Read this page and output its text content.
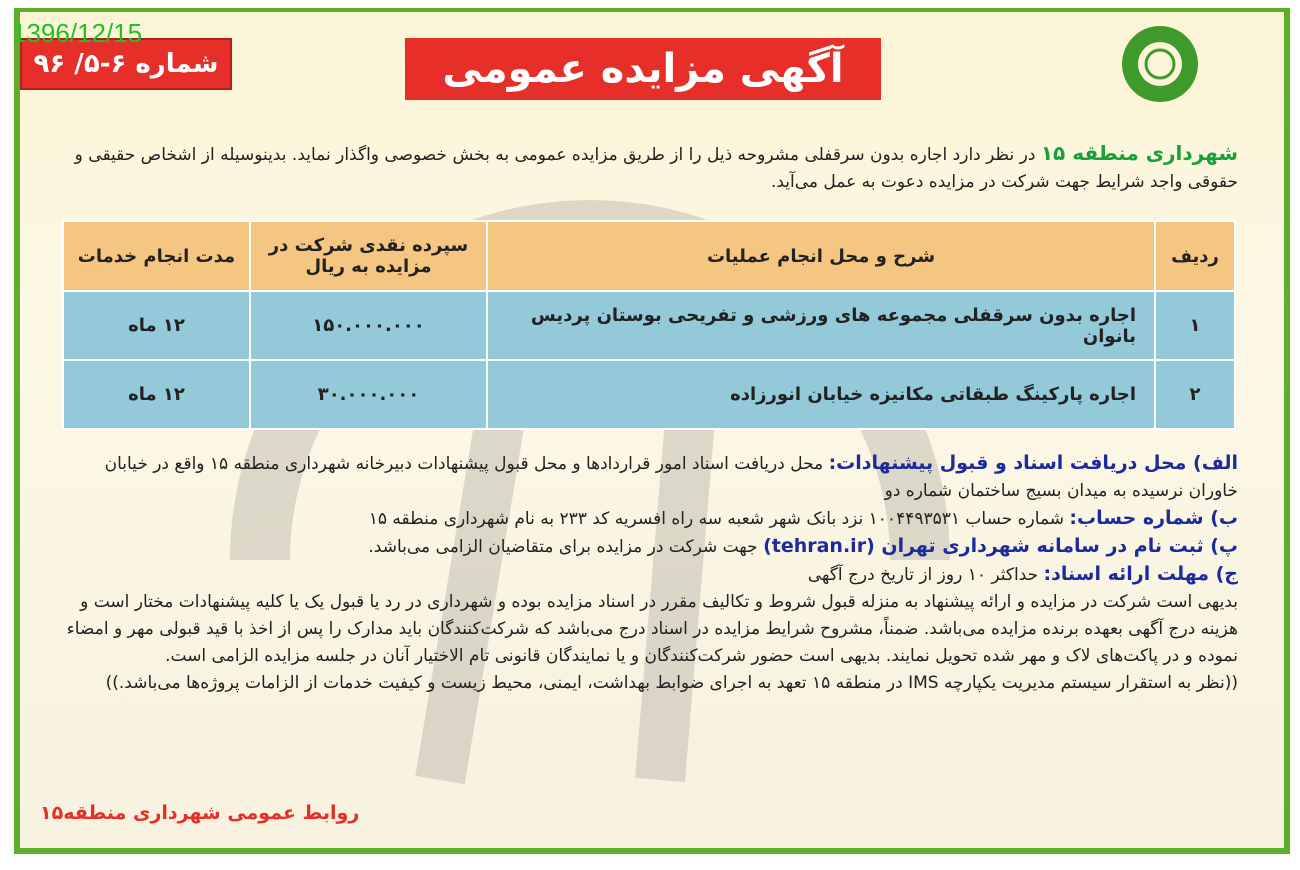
1396/12/15
شماره ۶-۵/ ۹۶	آگهی مزایده عمومی
شهرداری منطقه ۱۵ در نظر دارد اجاره بدون سرقفلی مشروحه ذیل را از طریق مزایده عمومی به بخش خصوصی واگذار نماید. بدینوسیله از اشخاص حقیقی و حقوقی واجد شرایط جهت شرکت در مزایده دعوت به عمل می‌آید.
ردیف	شرح و محل انجام عملیات	سپرده نقدی شرکت در مزایده به ریال	مدت انجام خدمات
۱	اجاره بدون سرقفلی مجموعه های ورزشی و تفریحی بوستان پردیس بانوان	۱۵۰.۰۰۰.۰۰۰	۱۲ ماه
۲	اجاره پارکینگ طبقاتی مکانیزه خیابان انورزاده	۳۰.۰۰۰.۰۰۰	۱۲ ماه
الف) محل دریافت اسناد و قبول پیشنهادات: محل دریافت اسناد امور قراردادها و محل قبول پیشنهادات دبیرخانه شهرداری منطقه ۱۵ واقع در خیابان خاوران نرسیده به میدان بسیج ساختمان شماره دو
ب) شماره حساب: شماره حساب ۱۰۰۴۴۹۳۵۳۱ نزد بانک شهر شعبه سه راه افسریه کد ۲۳۳ به نام شهرداری منطقه ۱۵
پ) ثبت نام در سامانه شهرداری تهران (tehran.ir) جهت شرکت در مزایده برای متقاضیان الزامی می‌باشد.
ج) مهلت ارائه اسناد: حداکثر ۱۰ روز از تاریخ درج آگهی
بدیهی است شرکت در مزایده و ارائه پیشنهاد به منزله قبول شروط و تکالیف مقرر در اسناد مزایده بوده و شهرداری در رد یا قبول یک یا کلیه پیشنهادات مختار است و هزینه درج آگهی بعهده برنده مزایده می‌باشد. ضمناً، مشروح شرایط مزایده در اسناد درج می‌باشد که شرکت‌کنندگان باید مدارک را پس از اخذ با قید قبولی مهر و امضاء نموده و در پاکت‌های لاک و مهر شده تحویل نمایند. بدیهی است حضور شرکت‌کنندگان و یا نمایندگان قانونی تام الاختیار آنان در جلسه مزایده الزامی است.
((نظر به استقرار سیستم مدیریت یکپارچه IMS در منطقه ۱۵ تعهد به اجرای ضوابط بهداشت، ایمنی، محیط زیست و کیفیت خدمات از الزامات پروژه‌ها می‌باشد.))
روابط عمومی شهرداری منطقه۱۵
